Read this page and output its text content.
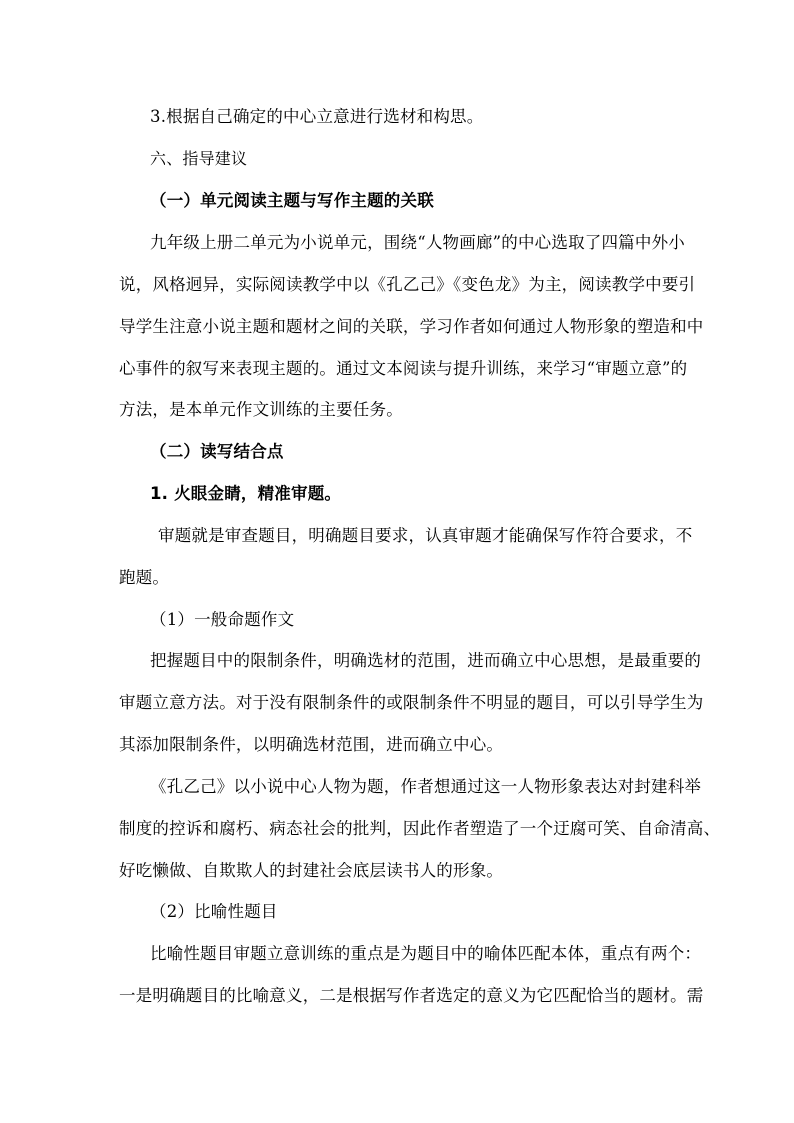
3.根据自己确定的中心立意进行选材和构思。
六、指导建议
（一）单元阅读主题与写作主题的关联
九年级上册二单元为小说单元，围绕“人物画廊”的中心选取了四篇中外小
说，风格迥异，实际阅读教学中以《孔乙己》《变色龙》为主，阅读教学中要引
导学生注意小说主题和题材之间的关联，学习作者如何通过人物形象的塑造和中
心事件的叙写来表现主题的。通过文本阅读与提升训练，来学习“审题立意”的
方法，是本单元作文训练的主要任务。
（二）读写结合点
1. 火眼金睛，精准审题。
审题就是审查题目，明确题目要求，认真审题才能确保写作符合要求，不
跑题。
（1）一般命题作文
把握题目中的限制条件，明确选材的范围，进而确立中心思想，是最重要的
审题立意方法。对于没有限制条件的或限制条件不明显的题目，可以引导学生为
其添加限制条件，以明确选材范围，进而确立中心。
《孔乙己》以小说中心人物为题，作者想通过这一人物形象表达对封建科举
制度的控诉和腐朽、病态社会的批判，因此作者塑造了一个迂腐可笑、自命清高、
好吃懒做、自欺欺人的封建社会底层读书人的形象。
（2）比喻性题目
比喻性题目审题立意训练的重点是为题目中的喻体匹配本体，重点有两个：
一是明确题目的比喻意义，二是根据写作者选定的意义为它匹配恰当的题材。需
